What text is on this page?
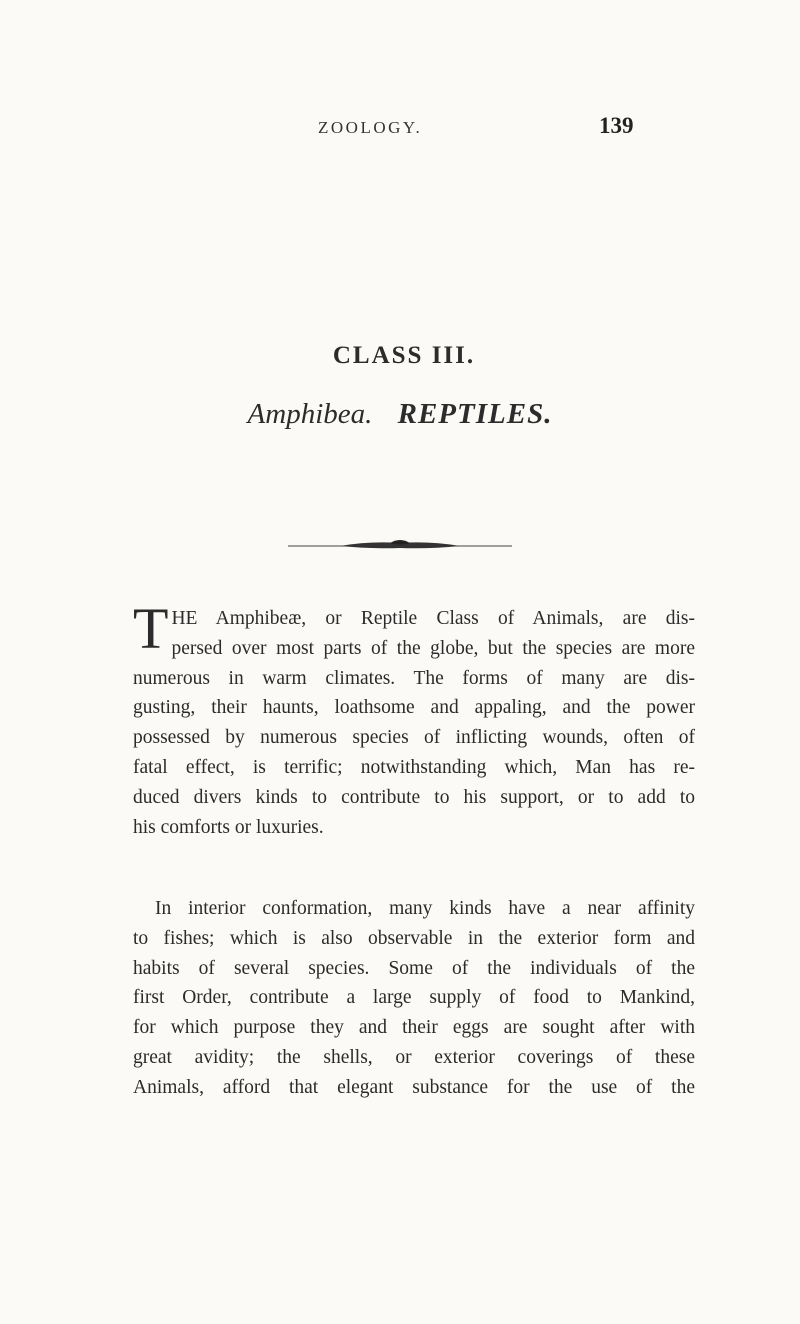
ZOOLOGY.	139
CLASS III.
Amphibea. REPTILES.
T HE Amphibeæ, or Reptile Class of Animals, are dis-
persed over most parts of the globe, but the species are more
numerous in warm climates. The forms of many are dis-
gusting, their haunts, loathsome and appaling, and the power
possessed by numerous species of inflicting wounds, often of
fatal effect, is terrific; notwithstanding which, Man has re-
duced divers kinds to contribute to his support, or to add to
his comforts or luxuries.
In interior conformation, many kinds have a near affinity
to fishes; which is also observable in the exterior form and
habits of several species. Some of the individuals of the
first Order, contribute a large supply of food to Mankind,
for which purpose they and their eggs are sought after with
great avidity; the shells, or exterior coverings of these
Animals, afford that elegant substance for the use of the
